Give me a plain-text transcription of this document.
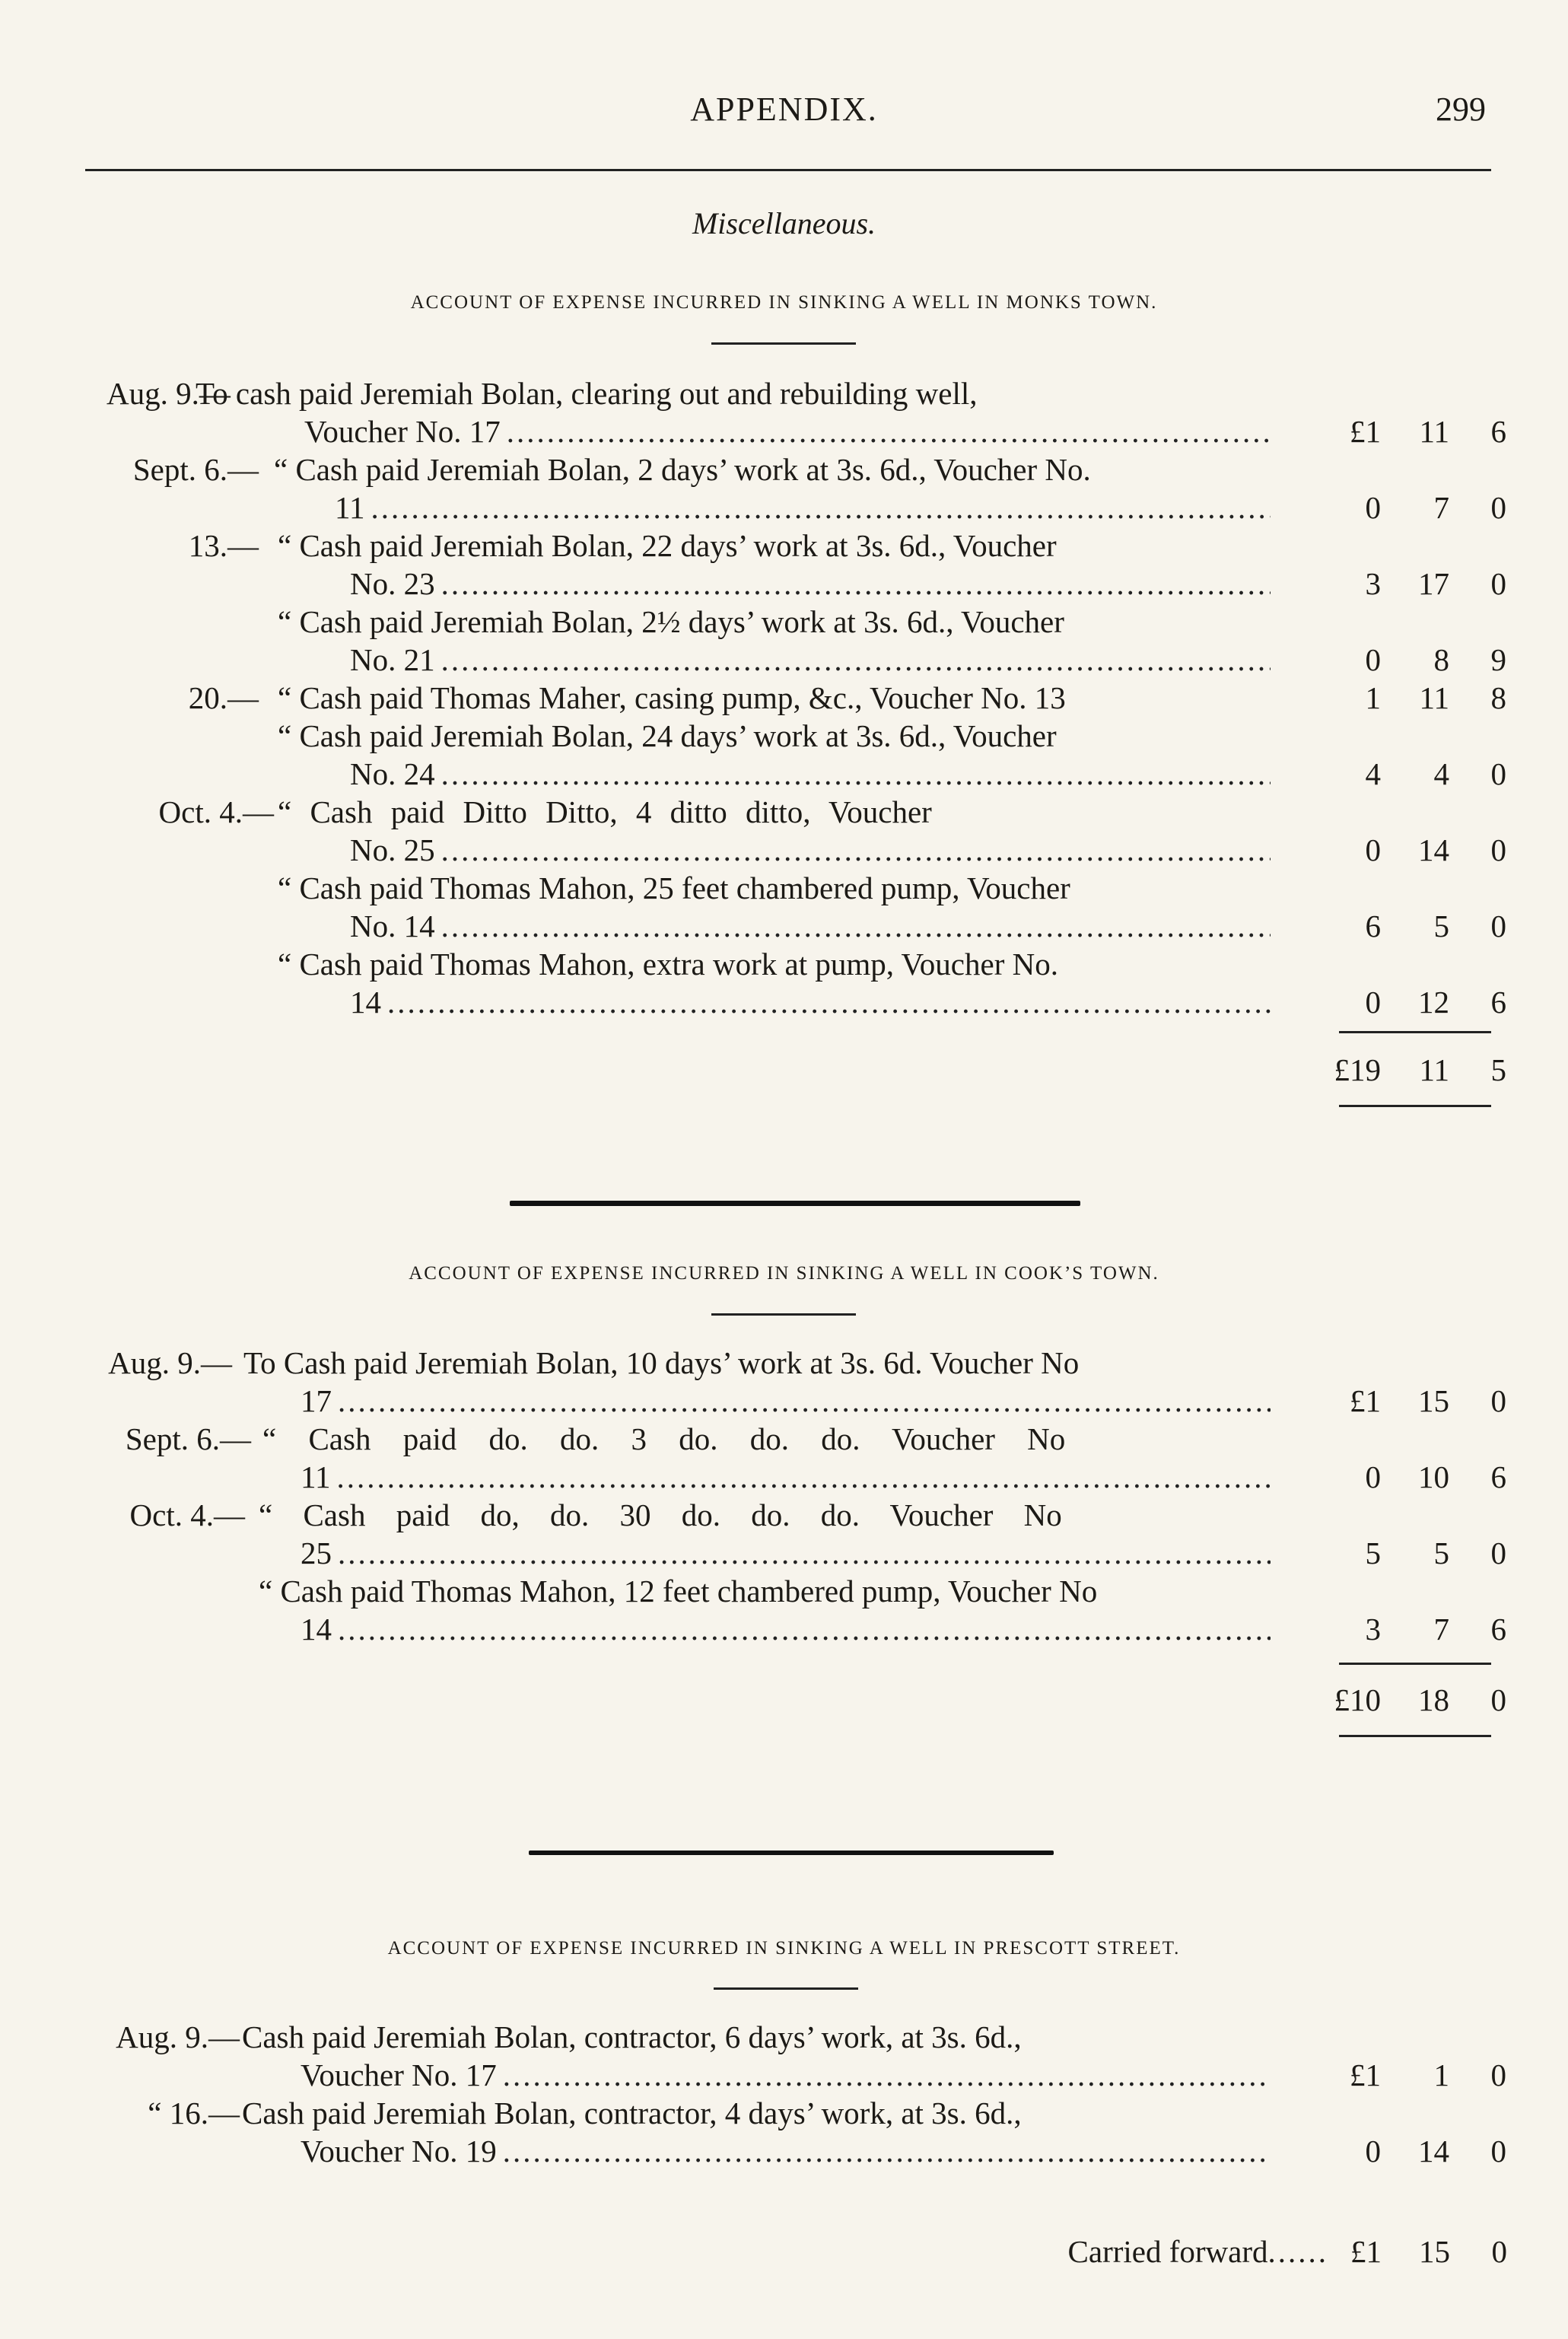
APPENDIX.	299
Miscellaneous.
ACCOUNT OF EXPENSE INCURRED IN SINKING A WELL IN MONKS TOWN.
Aug. 9.—
To cash paid Jeremiah Bolan, clearing out and rebuilding well,
Voucher No. 17 .....	£1	11	6
Sept. 6.— “ Cash paid Jeremiah Bolan, 2 days’ work at 3s. 6d., Voucher No.
11 .....	0	7	0
13.— “ Cash paid Jeremiah Bolan, 22 days’ work at 3s. 6d., Voucher
No. 23 .....	3	17	0
“ Cash paid Jeremiah Bolan, 2½ days’ work at 3s. 6d., Voucher
No. 21 .....	0	8	9
20.— “ Cash paid Thomas Maher, casing pump, &c., Voucher No. 13	1	11	8
“ Cash paid Jeremiah Bolan, 24 days’ work at 3s. 6d., Voucher
No. 24 .....	4	4	0
Oct. 4.— “ Cash paid Ditto Ditto, 4 ditto ditto, Voucher
No. 25 .....	0	14	0
“ Cash paid Thomas Mahon, 25 feet chambered pump, Voucher
No. 14 .....	6	5	0
“ Cash paid Thomas Mahon, extra work at pump, Voucher No.
14 .....	0	12	6
£19	11	5
ACCOUNT OF EXPENSE INCURRED IN SINKING A WELL IN COOK’S TOWN.
Aug. 9.— To Cash paid Jeremiah Bolan, 10 days’ work at 3s. 6d. Voucher No
17 .....	£1	15	0
Sept. 6.— “ Cash paid do. do. 3 do. do. do. Voucher No
11 .....	0	10	6
Oct. 4.— “ Cash paid do, do. 30 do. do. do. Voucher No
25 .....	5	5	0
“ Cash paid Thomas Mahon, 12 feet chambered pump, Voucher No
14 .....	3	7	6
£10	18	0
ACCOUNT OF EXPENSE INCURRED IN SINKING A WELL IN PRESCOTT STREET.
Aug. 9.— Cash paid Jeremiah Bolan, contractor, 6 days’ work, at 3s. 6d.,
Voucher No. 17 .....	£1	1	0
“ 16.— Cash paid Jeremiah Bolan, contractor, 4 days’ work, at 3s. 6d.,
Voucher No. 19 .....	0	14	0
Carried forward ...... £1	15	0
